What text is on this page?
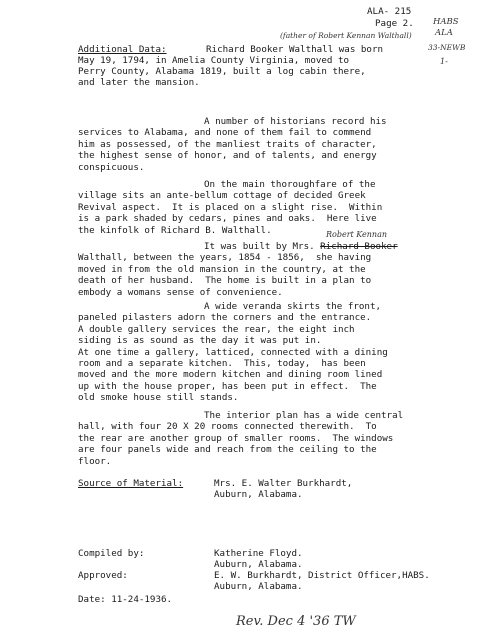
ALA- 215
Page 2. HABS
ALA
33-NEWB
1-
(father of Robert Kennan Walthall)
Additional Data:	Richard Booker Walthall was born
May 19, 1794, in Amelia County Virginia, moved to
Perry County, Alabama 1819, built a log cabin there,
and later the mansion.
A number of historians record his
services to Alabama, and none of them fail to commend
him as possessed, of the manliest traits of character,
the highest sense of honor, and of talents, and energy
conspicuous.
On the main thoroughfare of the
village sits an ante-bellum cottage of decided Greek
Revival aspect.  It is placed on a slight rise.  Within
is a park shaded by cedars, pines and oaks.  Here live
the kinfolk of Richard B. Walthall.	Robert Kennan
It was built by Mrs. Richard Booker
Walthall, between the years, 1854 - 1856,  she having
moved in from the old mansion in the country, at the
death of her husband.  The home is built in a plan to
embody a womans sense of convenience.
A wide veranda skirts the front,
paneled pilasters adorn the corners and the entrance.
A double gallery services the rear, the eight inch
siding is as sound as the day it was put in.
At one time a gallery, latticed, connected with a dining
room and a separate kitchen.  This, today,  has been
moved and the more modern kitchen and dining room lined
up with the house proper, has been put in effect.  The
old smoke house still stands.
The interior plan has a wide central
hall, with four 20 X 20 rooms connected therewith.  To
the rear are another group of smaller rooms.  The windows
are four panels wide and reach from the ceiling to the
floor.
Source of Material:	Mrs. E. Walter Burkhardt,
Auburn, Alabama.
Compiled by:	Katherine Floyd.
Auburn, Alabama.
Approved:	E. W. Burkhardt, District Officer,HABS.
Auburn, Alabama.
Date: 11-24-1936.
Rev. Dec 4 '36 TW
